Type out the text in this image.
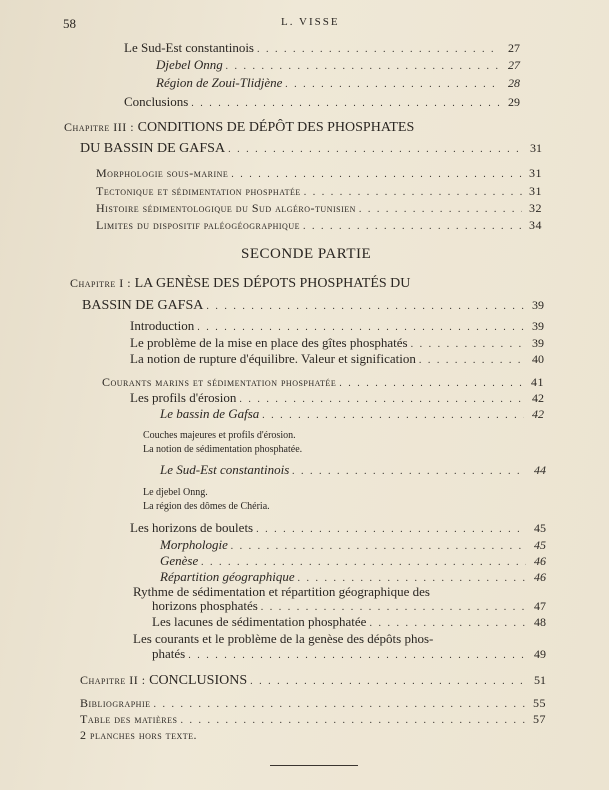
58	L. VISSE
Le Sud-Est constantinois . . .	27
Djebel Onng . . .	27
Région de Zoui-Tlidjène . . .	28
Conclusions . . .	29
Chapitre III : CONDITIONS DE DÉPÔT DES PHOSPHATES
DU BASSIN DE GAFSA . . .	31
Morphologie sous-marine . . .	31
Tectonique et sédimentation phosphatée . . .	31
Histoire sédimentologique du Sud algéro-tunisien . . .	32
Limites du dispositif paléogéographique . . .	34
SECONDE PARTIE
Chapitre I : LA GENÈSE DES DÉPOTS PHOSPHATÉS DU
BASSIN DE GAFSA . . .	39
Introduction . . .	39
Le problème de la mise en place des gîtes phosphatés . . .	39
La notion de rupture d'équilibre. Valeur et signification . . .	40
Courants marins et sédimentation phosphatée . . .	41
Les profils d'érosion . . .	42
Le bassin de Gafsa . . .	42
Couches majeures et profils d'érosion.
La notion de sédimentation phosphatée.
Le Sud-Est constantinois . . .	44
Le djebel Onng.
La région des dômes de Chéria.
Les horizons de boulets . . .	45
Morphologie . . .	45
Genèse . . .	46
Répartition géographique . . .	46
Rythme de sédimentation et répartition géographique des
horizons phosphatés . . .	47
Les lacunes de sédimentation phosphatée . . .	48
Les courants et le problème de la genèse des dépôts phos-
phatés . . .	49
Chapitre II : CONCLUSIONS . . .	51
Bibliographie . . .	55
Table des matières . . .	57
2 planches hors texte.
